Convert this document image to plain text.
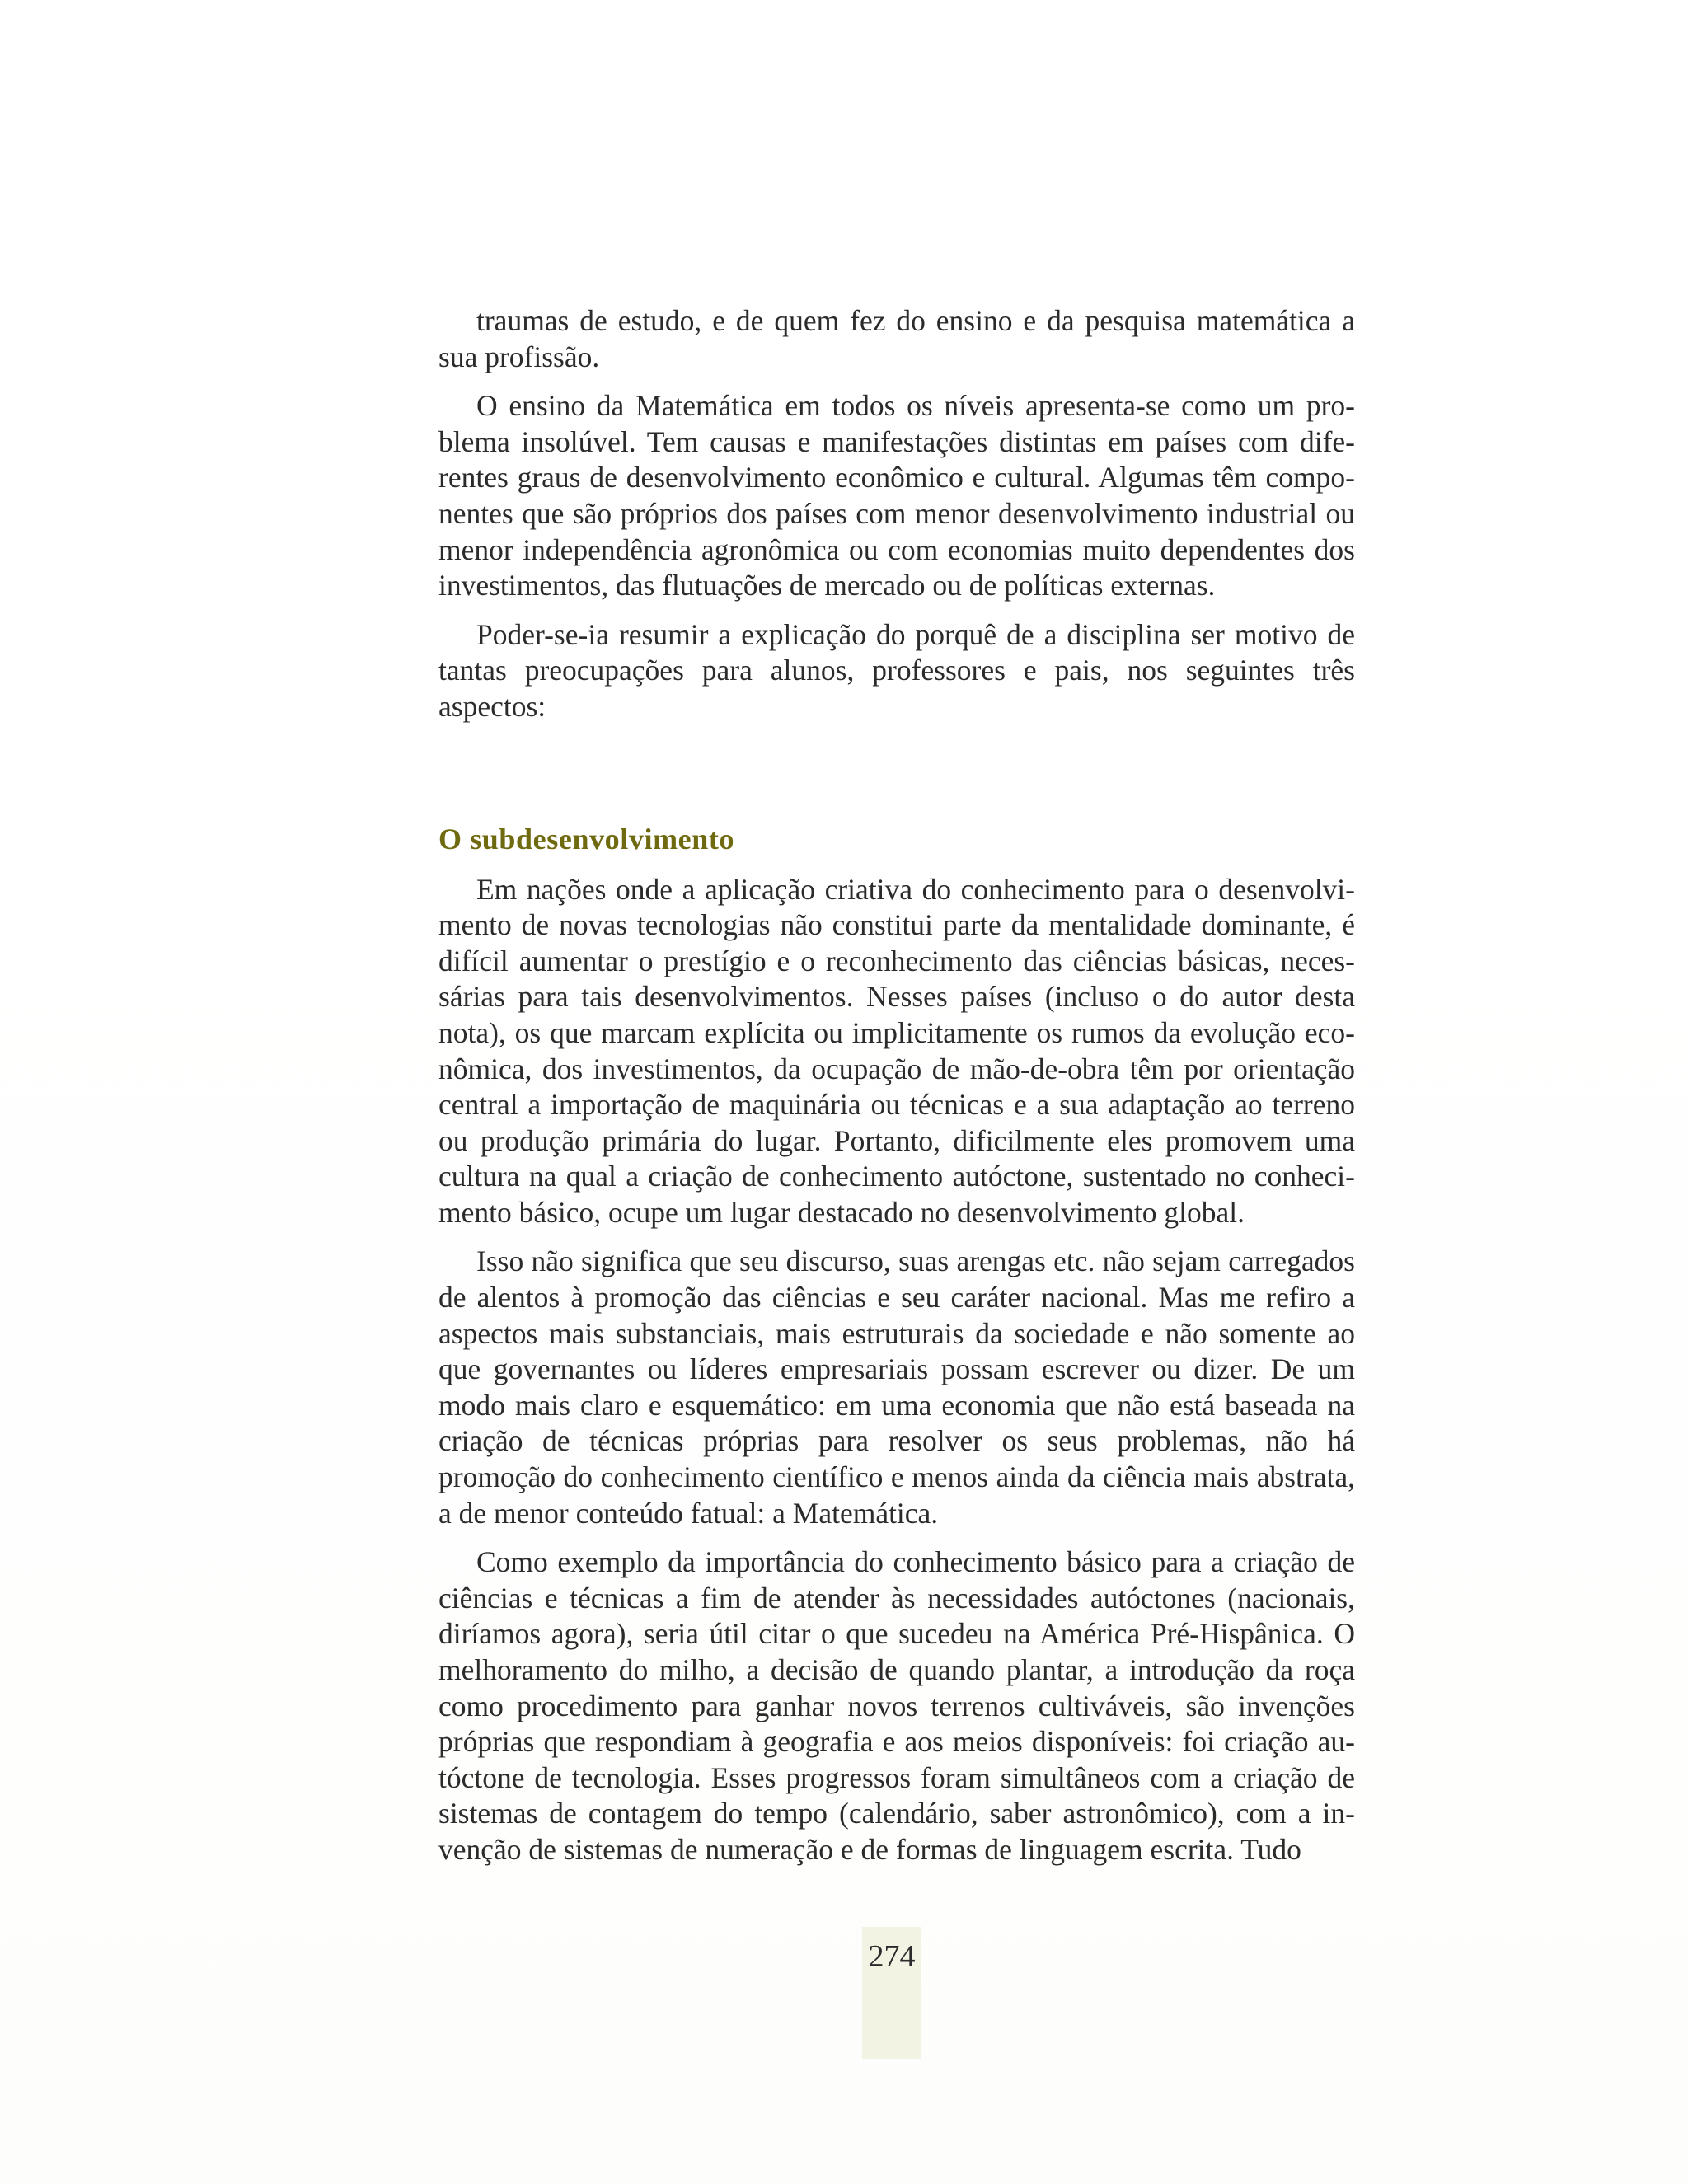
traumas de estudo, e de quem fez do ensino e da pesquisa matemática a sua profissão.

O ensino da Matemática em todos os níveis apresenta-se como um problema insolúvel. Tem causas e manifestações distintas em países com diferentes graus de desenvolvimento econômico e cultural. Algumas têm componentes que são próprios dos países com menor desenvolvimento industrial ou menor independência agronômica ou com economias muito dependentes dos investimentos, das flutuações de mercado ou de políticas externas.

Poder-se-ia resumir a explicação do porquê de a disciplina ser motivo de tantas preocupações para alunos, professores e pais, nos seguintes três aspectos:

O subdesenvolvimento

Em nações onde a aplicação criativa do conhecimento para o desenvolvimento de novas tecnologias não constitui parte da mentalidade dominante, é difícil aumentar o prestígio e o reconhecimento das ciências básicas, necessárias para tais desenvolvimentos. Nesses países (incluso o do autor desta nota), os que marcam explícita ou implicitamente os rumos da evolução econômica, dos investimentos, da ocupação de mão-de-obra têm por orientação central a importação de maquinária ou técnicas e a sua adaptação ao terreno ou produção primária do lugar. Portanto, dificilmente eles promovem uma cultura na qual a criação de conhecimento autóctone, sustentado no conhecimento básico, ocupe um lugar destacado no desenvolvimento global.

Isso não significa que seu discurso, suas arengas etc. não sejam carregados de alentos à promoção das ciências e seu caráter nacional. Mas me refiro a aspectos mais substanciais, mais estruturais da sociedade e não somente ao que governantes ou líderes empresariais possam escrever ou dizer. De um modo mais claro e esquemático: em uma economia que não está baseada na criação de técnicas próprias para resolver os seus problemas, não há promoção do conhecimento científico e menos ainda da ciência mais abstrata, a de menor conteúdo fatual: a Matemática.

Como exemplo da importância do conhecimento básico para a criação de ciências e técnicas a fim de atender às necessidades autóctones (nacionais, diríamos agora), seria útil citar o que sucedeu na América Pré-Hispânica. O melhoramento do milho, a decisão de quando plantar, a introdução da roça como procedimento para ganhar novos terrenos cultiváveis, são invenções próprias que respondiam à geografia e aos meios disponíveis: foi criação autóctone de tecnologia. Esses progressos foram simultâneos com a criação de sistemas de contagem do tempo (calendário, saber astronômico), com a invenção de sistemas de numeração e de formas de linguagem escrita. Tudo

274
